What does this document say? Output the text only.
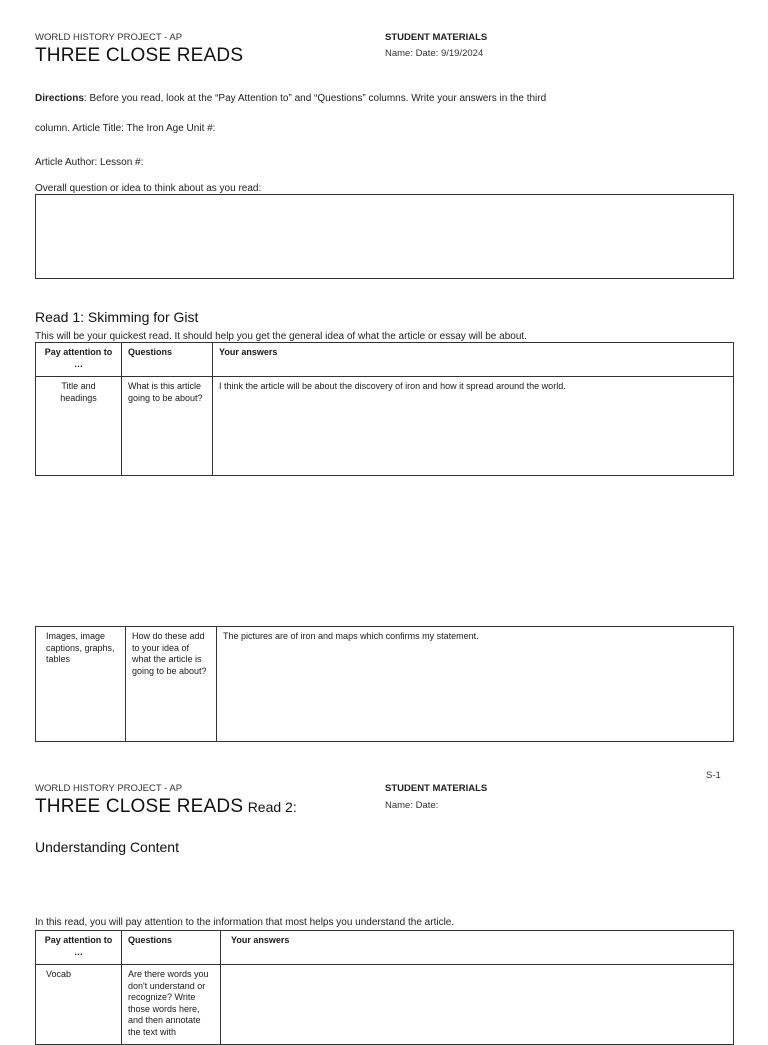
WORLD HISTORY PROJECT - AP
THREE CLOSE READS
STUDENT MATERIALS
Name: Date: 9/19/2024
Directions: Before you read, look at the “Pay Attention to” and “Questions” columns. Write your answers in the third
column. Article Title: The Iron Age Unit #:
Article Author: Lesson #:
Overall question or idea to think about as you read:
Read 1: Skimming for Gist
This will be your quickest read. It should help you get the general idea of what the article or essay will be about.
Pay attention to …	Questions	Your answers
Title and headings	What is this article going to be about?	I think the article will be about the discovery of iron and how it spread around the world.
Images, image captions, graphs, tables	How do these add to your idea of what the article is going to be about?	The pictures are of iron and maps which confirms my statement.
S-1
WORLD HISTORY PROJECT - AP
THREE CLOSE READS Read 2:
STUDENT MATERIALS
Name: Date:
Understanding Content
In this read, you will pay attention to the information that most helps you understand the article.
Pay attention to …	Questions	Your answers
Vocab	Are there words you don't understand or recognize? Write those words here, and then annotate the text with	
